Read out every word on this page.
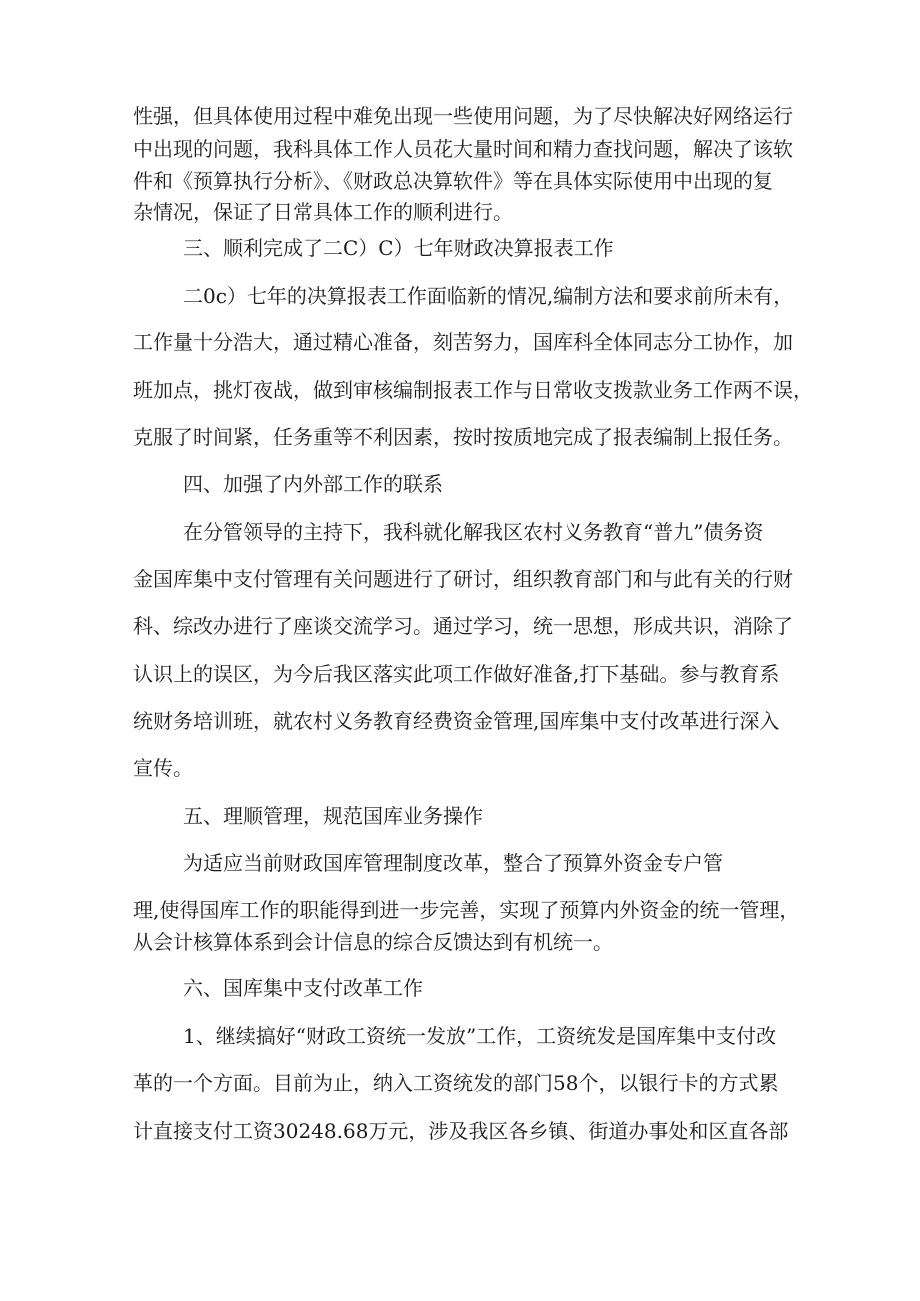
性强，但具体使用过程中难免出现一些使用问题，为了尽快解决好网络运行

中出现的问题，我科具体工作人员花大量时间和精力查找问题，解决了该软

件和《预算执行分析》、《财政总决算软件》等在具体实际使用中出现的复

杂情况，保证了日常具体工作的顺利进行。

三、顺利完成了二C）C）七年财政决算报表工作

二0c）七年的决算报表工作面临新的情况,编制方法和要求前所未有，

工作量十分浩大，通过精心准备，刻苦努力，国库科全体同志分工协作，加

班加点，挑灯夜战，做到审核编制报表工作与日常收支拨款业务工作两不误，

克服了时间紧，任务重等不利因素，按时按质地完成了报表编制上报任务。

四、加强了内外部工作的联系

在分管领导的主持下，我科就化解我区农村义务教育“普九”债务资

金国库集中支付管理有关问题进行了研讨，组织教育部门和与此有关的行财

科、综改办进行了座谈交流学习。通过学习，统一思想，形成共识，消除了

认识上的误区，为今后我区落实此项工作做好准备,打下基础。参与教育系

统财务培训班，就农村义务教育经费资金管理,国库集中支付改革进行深入

宣传。

五、理顺管理，规范国库业务操作

为适应当前财政国库管理制度改革，整合了预算外资金专户管

理,使得国库工作的职能得到进一步完善，实现了预算内外资金的统一管理，

从会计核算体系到会计信息的综合反馈达到有机统一。

六、国库集中支付改革工作

1、继续搞好“财政工资统一发放”工作，工资统发是国库集中支付改

革的一个方面。目前为止，纳入工资统发的部门58个，以银行卡的方式累

计直接支付工资30248.68万元，涉及我区各乡镇、街道办事处和区直各部
